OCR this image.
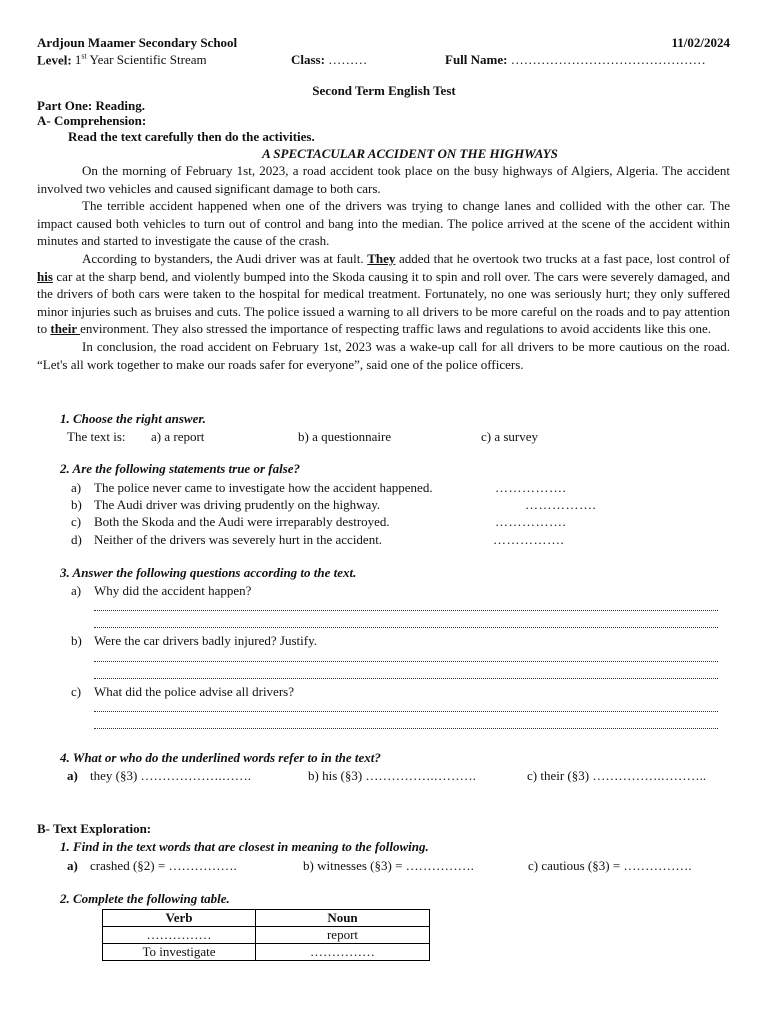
Ardjoun Maamer Secondary School	11/02/2024
Level: 1st Year Scientific Stream	Class: ………	Full Name: ………………………………………
Second Term English Test
Part One: Reading.
A- Comprehension:
Read the text carefully then do the activities.
A SPECTACULAR ACCIDENT ON THE HIGHWAYS

On the morning of February 1st, 2023, a road accident took place on the busy highways of Algiers, Algeria. The accident involved two vehicles and caused significant damage to both cars.

The terrible accident happened when one of the drivers was trying to change lanes and collided with the other car. The impact caused both vehicles to turn out of control and bang into the median. The police arrived at the scene of the accident within minutes and started to investigate the cause of the crash.

According to bystanders, the Audi driver was at fault. They added that he overtook two trucks at a fast pace, lost control of his car at the sharp bend, and violently bumped into the Skoda causing it to spin and roll over. The cars were severely damaged, and the drivers of both cars were taken to the hospital for medical treatment. Fortunately, no one was seriously hurt; they only suffered minor injuries such as bruises and cuts. The police issued a warning to all drivers to be more careful on the roads and to pay attention to their environment. They also stressed the importance of respecting traffic laws and regulations to avoid accidents like this one.

In conclusion, the road accident on February 1st, 2023 was a wake-up call for all drivers to be more cautious on the road. “Let's all work together to make our roads safer for everyone”, said one of the police officers.

1. Choose the right answer.
The text is: a) a report	b) a questionnaire	c) a survey
2. Are the following statements true or false?
a) The police never came to investigate how the accident happened.	…………….
b) The Audi driver was driving prudently on the highway.	…………….
c) Both the Skoda and the Audi were irreparably destroyed.	…………….
d) Neither of the drivers was severely hurt in the accident.	…………….
3. Answer the following questions according to the text.
a) Why did the accident happen?
b) Were the car drivers badly injured? Justify.
c) What did the police advise all drivers?
4. What or who do the underlined words refer to in the text?
a) they (§3) ……………….…….	b) his (§3) …………….……….	c) their (§3) …………….………..
B- Text Exploration:
1. Find in the text words that are closest in meaning to the following.
a) crashed (§2) = …………….	b) witnesses (§3) = …………….	c) cautious (§3) = …………….
2. Complete the following table.
Verb	Noun
……………	report
To investigate	……………
